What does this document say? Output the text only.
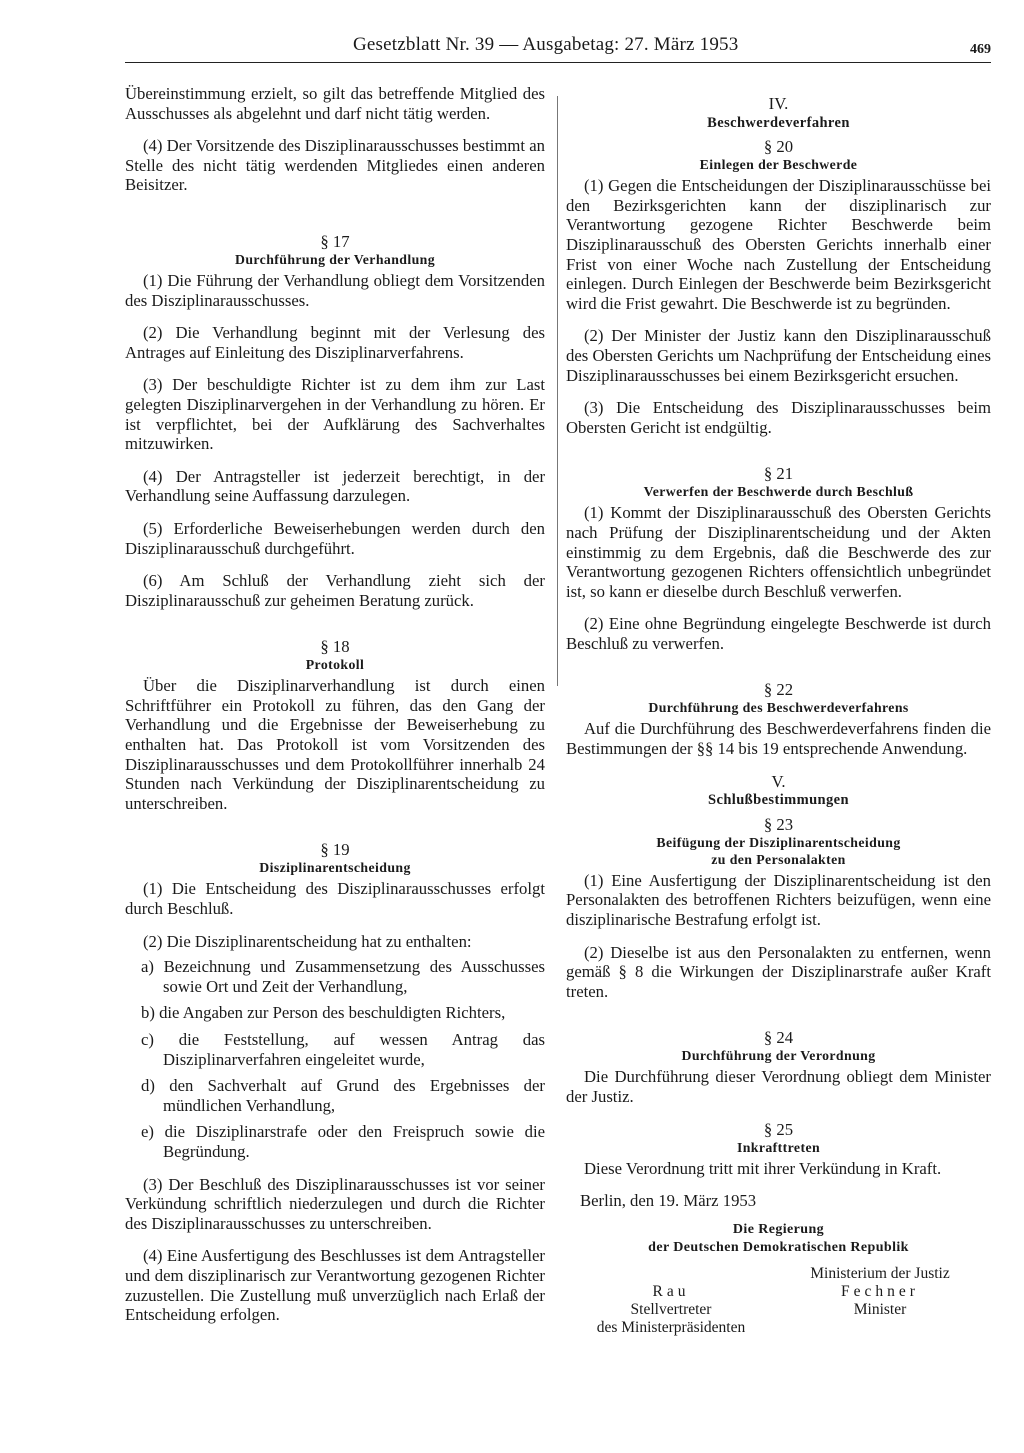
Gesetzblatt Nr. 39 — Ausgabetag: 27. März 1953	469

Übereinstimmung erzielt, so gilt das betreffende Mitglied des Ausschusses als abgelehnt und darf nicht tätig werden.

(4) Der Vorsitzende des Disziplinarausschusses bestimmt an Stelle des nicht tätig werdenden Mitgliedes einen anderen Beisitzer.

§ 17
Durchführung der Verhandlung

(1) Die Führung der Verhandlung obliegt dem Vorsitzenden des Disziplinarausschusses.

(2) Die Verhandlung beginnt mit der Verlesung des Antrages auf Einleitung des Disziplinarverfahrens.

(3) Der beschuldigte Richter ist zu dem ihm zur Last gelegten Disziplinarvergehen in der Verhandlung zu hören. Er ist verpflichtet, bei der Aufklärung des Sachverhaltes mitzuwirken.

(4) Der Antragsteller ist jederzeit berechtigt, in der Verhandlung seine Auffassung darzulegen.

(5) Erforderliche Beweiserhebungen werden durch den Disziplinarausschuß durchgeführt.

(6) Am Schluß der Verhandlung zieht sich der Disziplinarausschuß zur geheimen Beratung zurück.

§ 18
Protokoll

Über die Disziplinarverhandlung ist durch einen Schriftführer ein Protokoll zu führen, das den Gang der Verhandlung und die Ergebnisse der Beweiserhebung zu enthalten hat. Das Protokoll ist vom Vorsitzenden des Disziplinarausschusses und dem Protokollführer innerhalb 24 Stunden nach Verkündung der Disziplinarentscheidung zu unterschreiben.

§ 19
Disziplinarentscheidung

(1) Die Entscheidung des Disziplinarausschusses erfolgt durch Beschluß.

(2) Die Disziplinarentscheidung hat zu enthalten:

a) Bezeichnung und Zusammensetzung des Ausschusses sowie Ort und Zeit der Verhandlung,
b) die Angaben zur Person des beschuldigten Richters,
c) die Feststellung, auf wessen Antrag das Disziplinarverfahren eingeleitet wurde,
d) den Sachverhalt auf Grund des Ergebnisses der mündlichen Verhandlung,
e) die Disziplinarstrafe oder den Freispruch sowie die Begründung.

(3) Der Beschluß des Disziplinarausschusses ist vor seiner Verkündung schriftlich niederzulegen und durch die Richter des Disziplinarausschusses zu unterschreiben.

(4) Eine Ausfertigung des Beschlusses ist dem Antragsteller und dem disziplinarisch zur Verantwortung gezogenen Richter zuzustellen. Die Zustellung muß unverzüglich nach Erlaß der Entscheidung erfolgen.

IV.
Beschwerdeverfahren
§ 20
Einlegen der Beschwerde

(1) Gegen die Entscheidungen der Disziplinarausschüsse bei den Bezirksgerichten kann der disziplinarisch zur Verantwortung gezogene Richter Beschwerde beim Disziplinarausschuß des Obersten Gerichts innerhalb einer Frist von einer Woche nach Zustellung der Entscheidung einlegen. Durch Einlegen der Beschwerde beim Bezirksgericht wird die Frist gewahrt. Die Beschwerde ist zu begründen.

(2) Der Minister der Justiz kann den Disziplinarausschuß des Obersten Gerichts um Nachprüfung der Entscheidung eines Disziplinarausschusses bei einem Bezirksgericht ersuchen.

(3) Die Entscheidung des Disziplinarausschusses beim Obersten Gericht ist endgültig.

§ 21
Verwerfen der Beschwerde durch Beschluß

(1) Kommt der Disziplinarausschuß des Obersten Gerichts nach Prüfung der Disziplinarentscheidung und der Akten einstimmig zu dem Ergebnis, daß die Beschwerde des zur Verantwortung gezogenen Richters offensichtlich unbegründet ist, so kann er dieselbe durch Beschluß verwerfen.

(2) Eine ohne Begründung eingelegte Beschwerde ist durch Beschluß zu verwerfen.

§ 22
Durchführung des Beschwerdeverfahrens

Auf die Durchführung des Beschwerdeverfahrens finden die Bestimmungen der §§ 14 bis 19 entsprechende Anwendung.

V.
Schlußbestimmungen
§ 23
Beifügung der Disziplinarentscheidung
zu den Personalakten

(1) Eine Ausfertigung der Disziplinarentscheidung ist den Personalakten des betroffenen Richters beizufügen, wenn eine disziplinarische Bestrafung erfolgt ist.

(2) Dieselbe ist aus den Personalakten zu entfernen, wenn gemäß § 8 die Wirkungen der Disziplinarstrafe außer Kraft treten.

§ 24
Durchführung der Verordnung

Die Durchführung dieser Verordnung obliegt dem Minister der Justiz.

§ 25
Inkrafttreten

Diese Verordnung tritt mit ihrer Verkündung in Kraft.

Berlin, den 19. März 1953
Die Regierung
der Deutschen Demokratischen Republik
Rau
Stellvertreter
des Ministerpräsidenten
Ministerium der Justiz
Fechner
Minister
